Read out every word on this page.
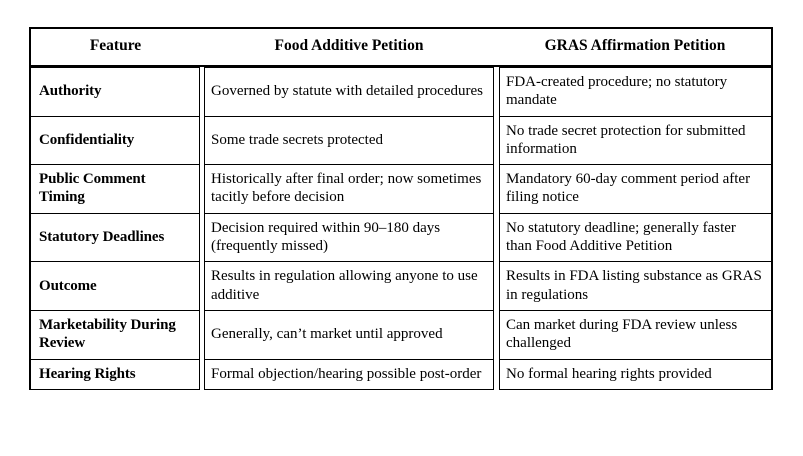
Feature		Food Additive Petition		GRAS Affirmation Petition

Authority		Governed by statute with detailed procedures		FDA-created procedure; no statutory mandate

Confidentiality		Some trade secrets protected		No trade secret protection for submitted information

Public Comment Timing		Historically after final order; now sometimes tacitly before decision		Mandatory 60-day comment period after filing notice

Statutory Deadlines		Decision required within 90–180 days (frequently missed)		No statutory deadline; generally faster than Food Additive Petition

Outcome		Results in regulation allowing anyone to use additive		Results in FDA listing substance as GRAS in regulations

Marketability During Review		Generally, can’t market until approved		Can market during FDA review unless challenged

Hearing Rights		Formal objection/hearing possible post-order		No formal hearing rights provided
